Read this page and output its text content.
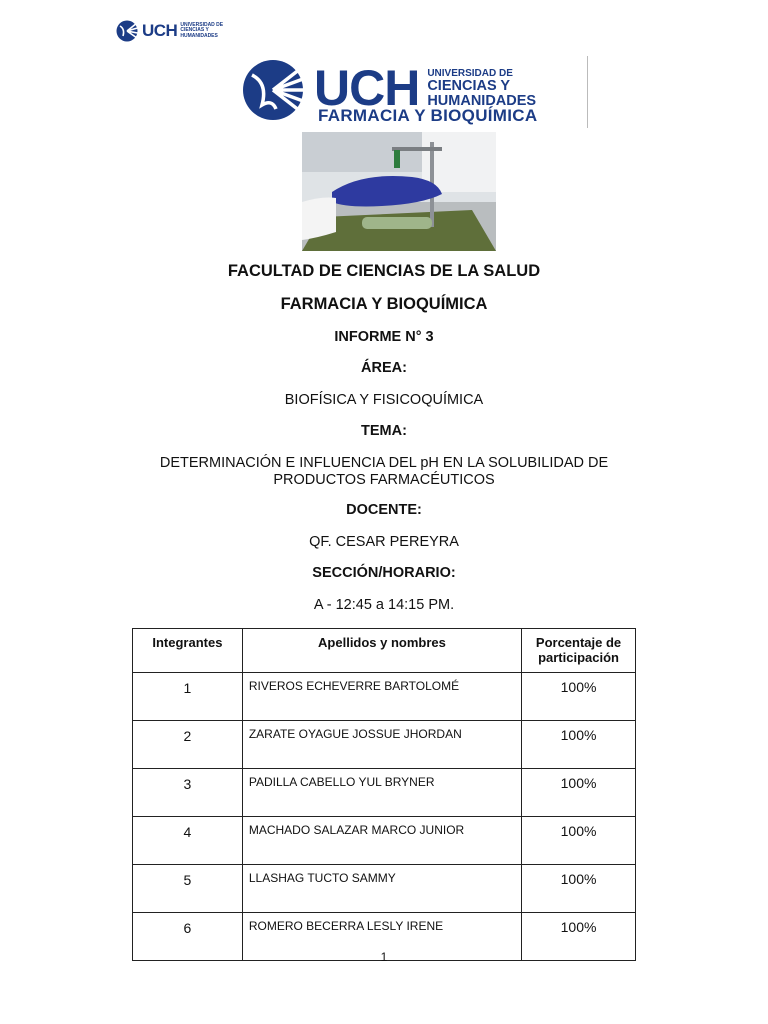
UCH UNIVERSIDAD DE
CIENCIAS Y
HUMANIDADES
UCH UNIVERSIDAD DE
CIENCIAS Y
HUMANIDADES
FARMACIA Y BIOQUÍMICA
FACULTAD DE CIENCIAS DE LA SALUD
FARMACIA Y BIOQUÍMICA
INFORME N° 3
ÁREA:
BIOFÍSICA Y FISICOQUÍMICA
TEMA:
DETERMINACIÓN E INFLUENCIA DEL pH EN LA SOLUBILIDAD DE
PRODUCTOS FARMACÉUTICOS
DOCENTE:
QF. CESAR PEREYRA
SECCIÓN/HORARIO:
A - 12:45 a 14:15 PM.
Integrantes	Apellidos y nombres	Porcentaje de participación
1	RIVEROS ECHEVERRE BARTOLOMÉ	100%
2	ZARATE OYAGUE JOSSUE JHORDAN	100%
3	PADILLA CABELLO YUL BRYNER	100%
4	MACHADO SALAZAR MARCO JUNIOR	100%
5	LLASHAG TUCTO SAMMY	100%
6	ROMERO BECERRA LESLY IRENE	100%
1
